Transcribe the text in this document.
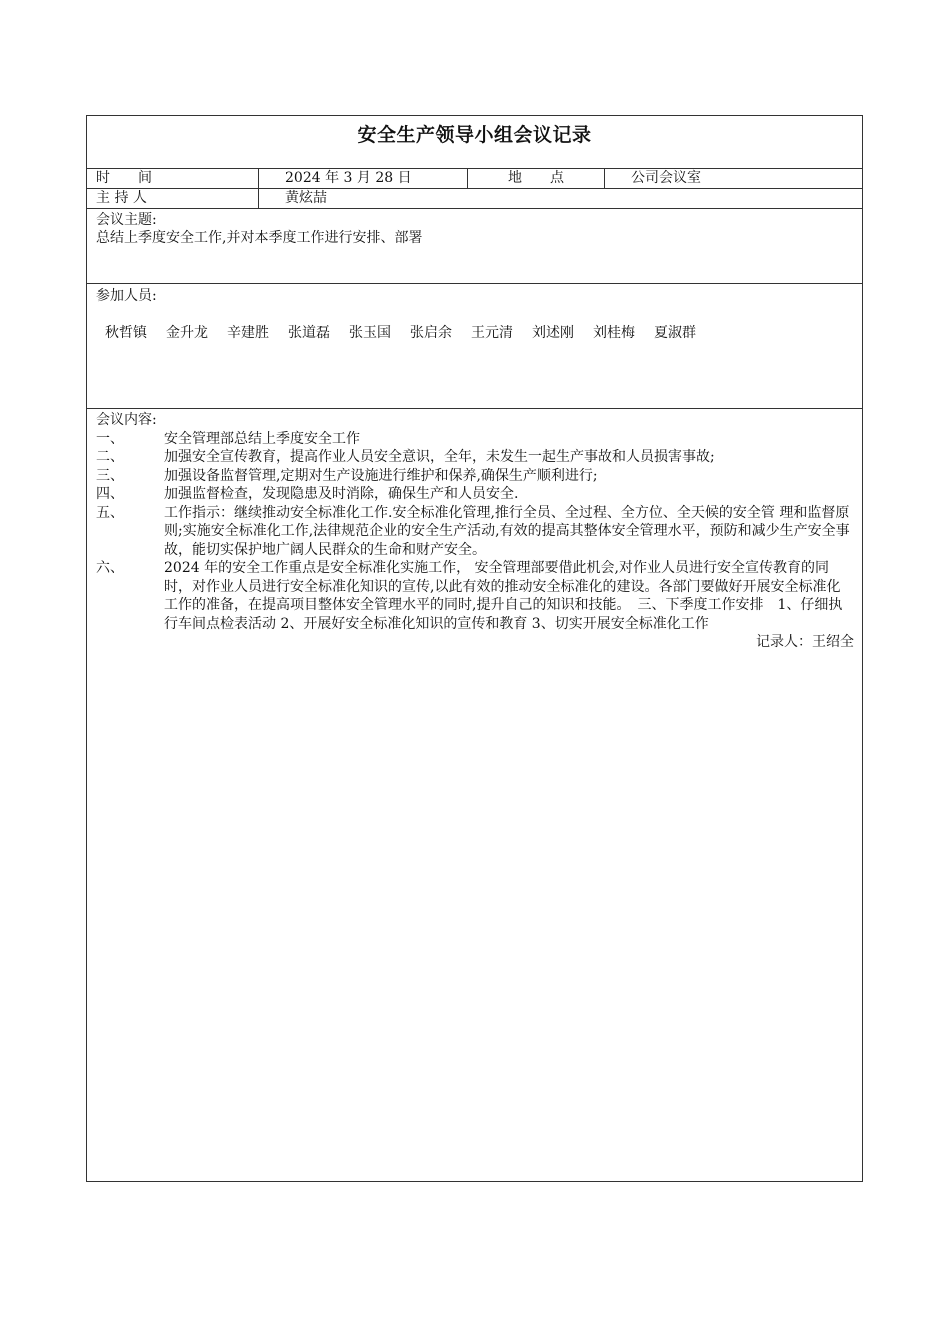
安全生产领导小组会议记录
时　　间	2024 年 3 月 28 日	地　　点	公司会议室
主 持 人	黄炫喆
会议主题:
总结上季度安全工作,并对本季度工作进行安排、部署
参加人员:
秋哲镇 金升龙 辛建胜 张道磊 张玉国 张启余 王元清 刘述刚 刘桂梅 夏淑群
会议内容:
一、	安全管理部总结上季度安全工作
二、	加强安全宣传教育，提高作业人员安全意识，全年，未发生一起生产事故和人员损害事故;
三、	加强设备监督管理,定期对生产设施进行维护和保养,确保生产顺利进行;
四、	加强监督检查，发现隐患及时消除，确保生产和人员安全.
五、	工作指示：继续推动安全标准化工作.安全标准化管理,推行全员、全过程、全方位、全天候的安全管 理和监督原则;实施安全标准化工作,法律规范企业的安全生产活动,有效的提高其整体安全管理水平，预防和减少生产安全事故，能切实保护地广阔人民群众的生命和财产安全。
六、	2024 年的安全工作重点是安全标准化实施工作， 安全管理部要借此机会,对作业人员进行安全宣传教育的同时，对作业人员进行安全标准化知识的宣传,以此有效的推动安全标准化的建设。各部门要做好开展安全标准化工作的准备，在提高项目整体安全管理水平的同时,提升自己的知识和技能。　三、下季度工作安排　1、仔细执行车间点检表活动 2、开展好安全标准化知识的宣传和教育 3、切实开展安全标准化工作
记录人：王绍全
